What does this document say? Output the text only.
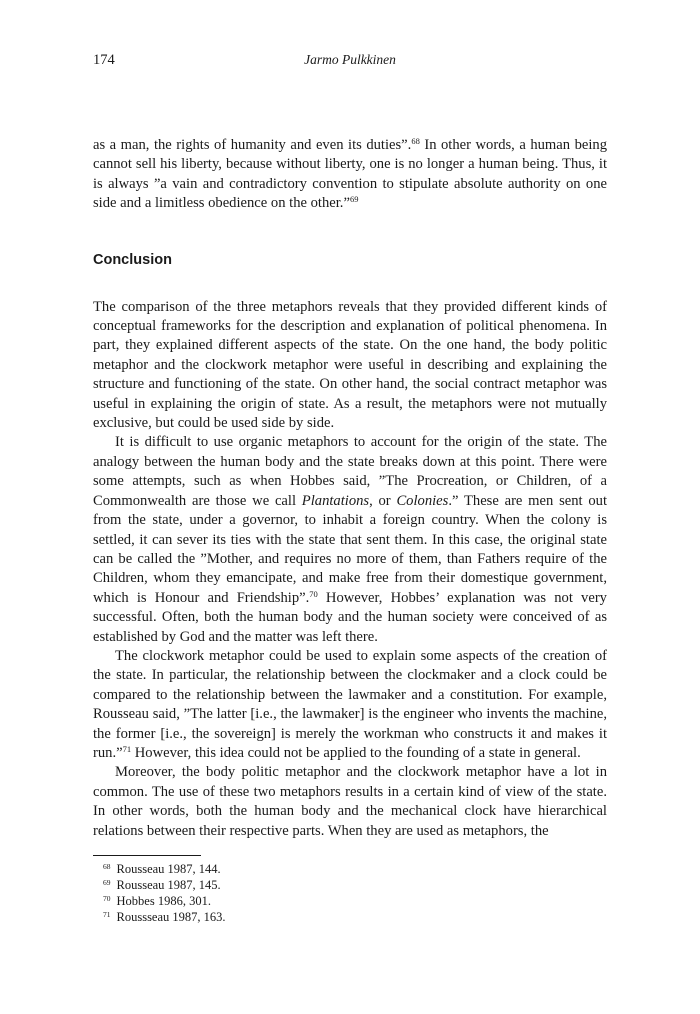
174	Jarmo Pulkkinen

as a man, the rights of humanity and even its duties”.$^{68}$ In other words, a human being cannot sell his liberty, because without liberty, one is no longer a human being. Thus, it is always ”a vain and contradictory convention to stipulate absolute authority on one side and a limitless obedience on the other.”$^{69}$

Conclusion

The comparison of the three metaphors reveals that they provided different kinds of conceptual frameworks for the description and explanation of political phenomena. In part, they explained different aspects of the state. On the one hand, the body politic metaphor and the clockwork metaphor were useful in describing and explaining the structure and functioning of the state. On other hand, the social contract metaphor was useful in explaining the origin of state. As a result, the metaphors were not mutually exclusive, but could be used side by side.

It is difficult to use organic metaphors to account for the origin of the state. The analogy between the human body and the state breaks down at this point. There were some attempts, such as when Hobbes said, ”The Procreation, or Children, of a Commonwealth are those we call Plantations, or Colonies.” These are men sent out from the state, under a governor, to inhabit a foreign country. When the colony is settled, it can sever its ties with the state that sent them. In this case, the original state can be called the ”Mother, and requires no more of them, than Fathers require of the Children, whom they emancipate, and make free from their domestique government, which is Honour and Friendship”.$^{70}$ However, Hobbes’ explanation was not very successful. Often, both the human body and the human society were conceived of as established by God and the matter was left there.

The clockwork metaphor could be used to explain some aspects of the creation of the state. In particular, the relationship between the clockmaker and a clock could be compared to the relationship between the lawmaker and a constitution. For example, Rousseau said, ”The latter [i.e., the lawmaker] is the engineer who invents the machine, the former [i.e., the sovereign] is merely the workman who constructs it and makes it run.”$^{71}$ However, this idea could not be applied to the founding of a state in general.

Moreover, the body politic metaphor and the clockwork metaphor have a lot in common. The use of these two metaphors results in a certain kind of view of the state. In other words, both the human body and the mechanical clock have hierarchical relations between their respective parts. When they are used as metaphors, the

$^{68}$ Rousseau 1987, 144.
$^{69}$ Rousseau 1987, 145.
$^{70}$ Hobbes 1986, 301.
$^{71}$ Roussseau 1987, 163.
